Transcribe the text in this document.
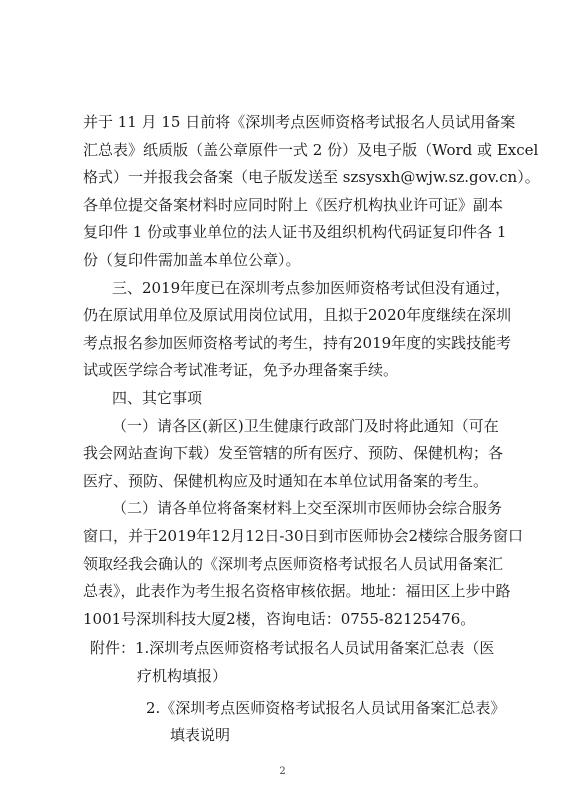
并于 11 月 15 日前将《深圳考点医师资格考试报名人员试用备案
汇总表》纸质版（盖公章原件一式 2 份）及电子版（Word 或 Excel
格式）一并报我会备案（电子版发送至 szsysxh@wjw.sz.gov.cn）。
各单位提交备案材料时应同时附上《医疗机构执业许可证》副本
复印件 1 份或事业单位的法人证书及组织机构代码证复印件各 1
份（复印件需加盖本单位公章）。
三、2019年度已在深圳考点参加医师资格考试但没有通过，
仍在原试用单位及原试用岗位试用，且拟于2020年度继续在深圳
考点报名参加医师资格考试的考生，持有2019年度的实践技能考
试或医学综合考试准考证，免予办理备案手续。
四、其它事项
（一）请各区(新区)卫生健康行政部门及时将此通知（可在
我会网站查询下载）发至管辖的所有医疗、预防、保健机构；各
医疗、预防、保健机构应及时通知在本单位试用备案的考生。
（二）请各单位将备案材料上交至深圳市医师协会综合服务
窗口，并于2019年12月12日-30日到市医师协会2楼综合服务窗口
领取经我会确认的《深圳考点医师资格考试报名人员试用备案汇
总表》，此表作为考生报名资格审核依据。地址：福田区上步中路
1001号深圳科技大厦2楼，咨询电话：0755-82125476。
附件：1.深圳考点医师资格考试报名人员试用备案汇总表（医
疗机构填报）
2.《深圳考点医师资格考试报名人员试用备案汇总表》
填表说明
2
